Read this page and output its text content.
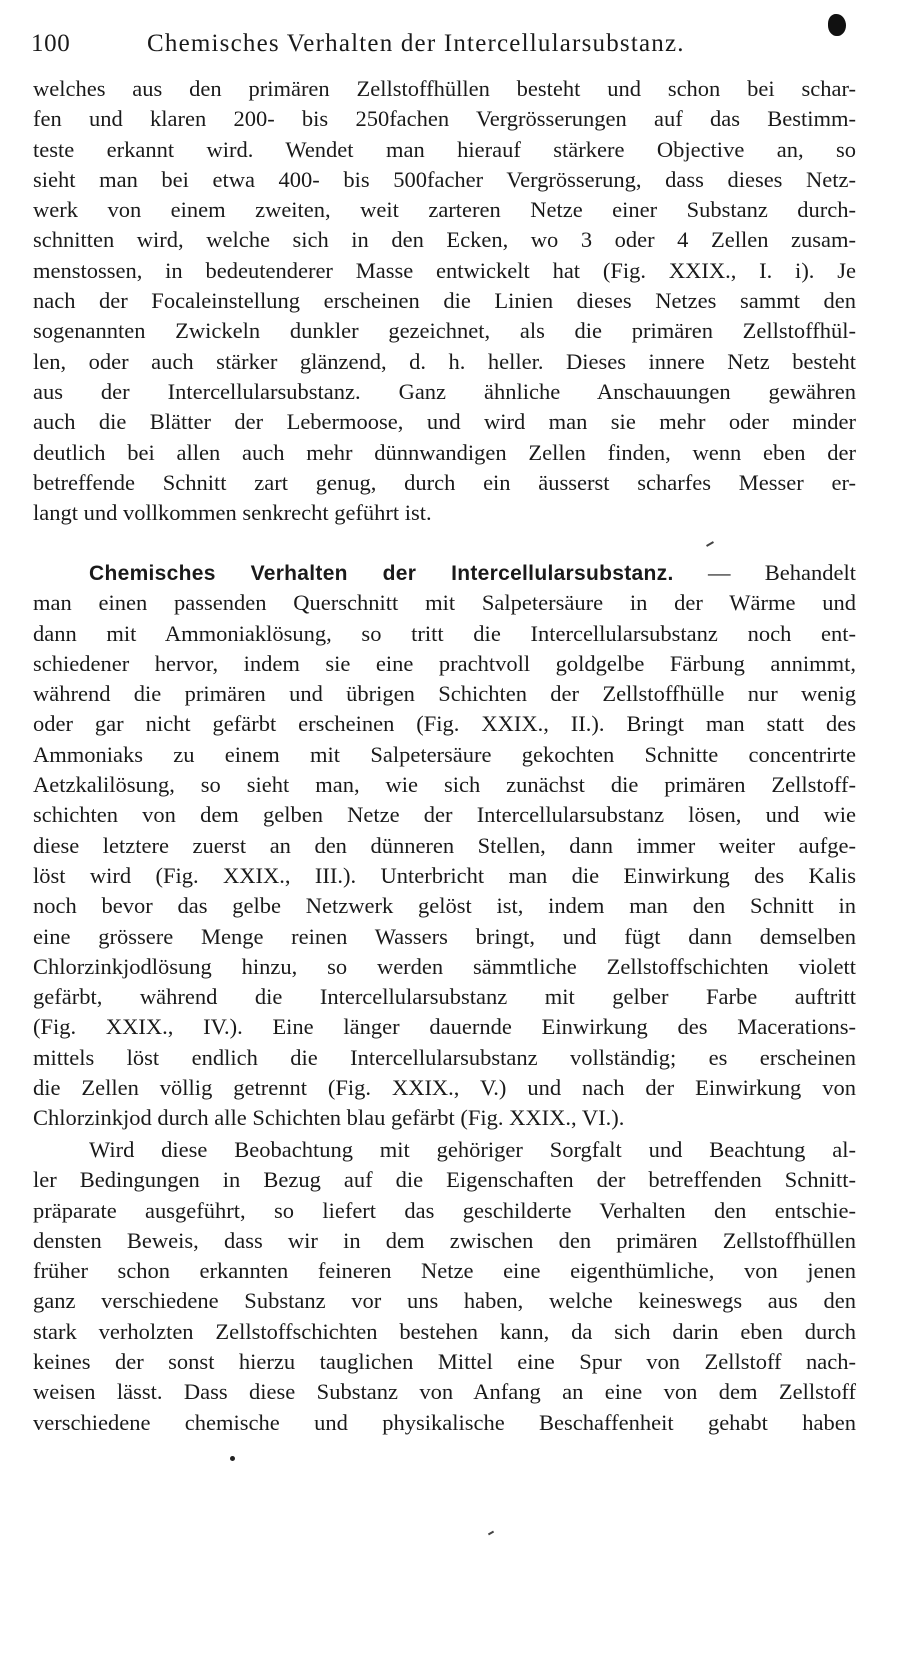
100	Chemisches Verhalten der Intercellularsubstanz.
welches aus den primären Zellstoffhüllen besteht und schon bei schar-
fen und klaren 200- bis 250fachen Vergrösserungen auf das Bestimm-
teste erkannt wird. Wendet man hierauf stärkere Objective an, so
sieht man bei etwa 400- bis 500facher Vergrösserung, dass dieses Netz-
werk von einem zweiten, weit zarteren Netze einer Substanz durch-
schnitten wird, welche sich in den Ecken, wo 3 oder 4 Zellen zusam-
menstossen, in bedeutenderer Masse entwickelt hat (Fig. XXIX., I. i). Je
nach der Focaleinstellung erscheinen die Linien dieses Netzes sammt den
sogenannten Zwickeln dunkler gezeichnet, als die primären Zellstoffhül-
len, oder auch stärker glänzend, d. h. heller. Dieses innere Netz besteht
aus der Intercellularsubstanz. Ganz ähnliche Anschauungen gewähren
auch die Blätter der Lebermoose, und wird man sie mehr oder minder
deutlich bei allen auch mehr dünnwandigen Zellen finden, wenn eben der
betreffende Schnitt zart genug, durch ein äusserst scharfes Messer er-
langt und vollkommen senkrecht geführt ist.
Chemisches Verhalten der Intercellularsubstanz. — Behandelt
man einen passenden Querschnitt mit Salpetersäure in der Wärme und
dann mit Ammoniaklösung, so tritt die Intercellularsubstanz noch ent-
schiedener hervor, indem sie eine prachtvoll goldgelbe Färbung annimmt,
während die primären und übrigen Schichten der Zellstoffhülle nur wenig
oder gar nicht gefärbt erscheinen (Fig. XXIX., II.). Bringt man statt des
Ammoniaks zu einem mit Salpetersäure gekochten Schnitte concentrirte
Aetzkalilösung, so sieht man, wie sich zunächst die primären Zellstoff-
schichten von dem gelben Netze der Intercellularsubstanz lösen, und wie
diese letztere zuerst an den dünneren Stellen, dann immer weiter aufge-
löst wird (Fig. XXIX., III.). Unterbricht man die Einwirkung des Kalis
noch bevor das gelbe Netzwerk gelöst ist, indem man den Schnitt in
eine grössere Menge reinen Wassers bringt, und fügt dann demselben
Chlorzinkjodlösung hinzu, so werden sämmtliche Zellstoffschichten violett
gefärbt, während die Intercellularsubstanz mit gelber Farbe auftritt
(Fig. XXIX., IV.). Eine länger dauernde Einwirkung des Macerations-
mittels löst endlich die Intercellularsubstanz vollständig; es erscheinen
die Zellen völlig getrennt (Fig. XXIX., V.) und nach der Einwirkung von
Chlorzinkjod durch alle Schichten blau gefärbt (Fig. XXIX., VI.).
Wird diese Beobachtung mit gehöriger Sorgfalt und Beachtung al-
ler Bedingungen in Bezug auf die Eigenschaften der betreffenden Schnitt-
präparate ausgeführt, so liefert das geschilderte Verhalten den entschie-
densten Beweis, dass wir in dem zwischen den primären Zellstoffhüllen
früher schon erkannten feineren Netze eine eigenthümliche, von jenen
ganz verschiedene Substanz vor uns haben, welche keineswegs aus den
stark verholzten Zellstoffschichten bestehen kann, da sich darin eben durch
keines der sonst hierzu tauglichen Mittel eine Spur von Zellstoff nach-
weisen lässt. Dass diese Substanz von Anfang an eine von dem Zellstoff
verschiedene chemische und physikalische Beschaffenheit gehabt haben
